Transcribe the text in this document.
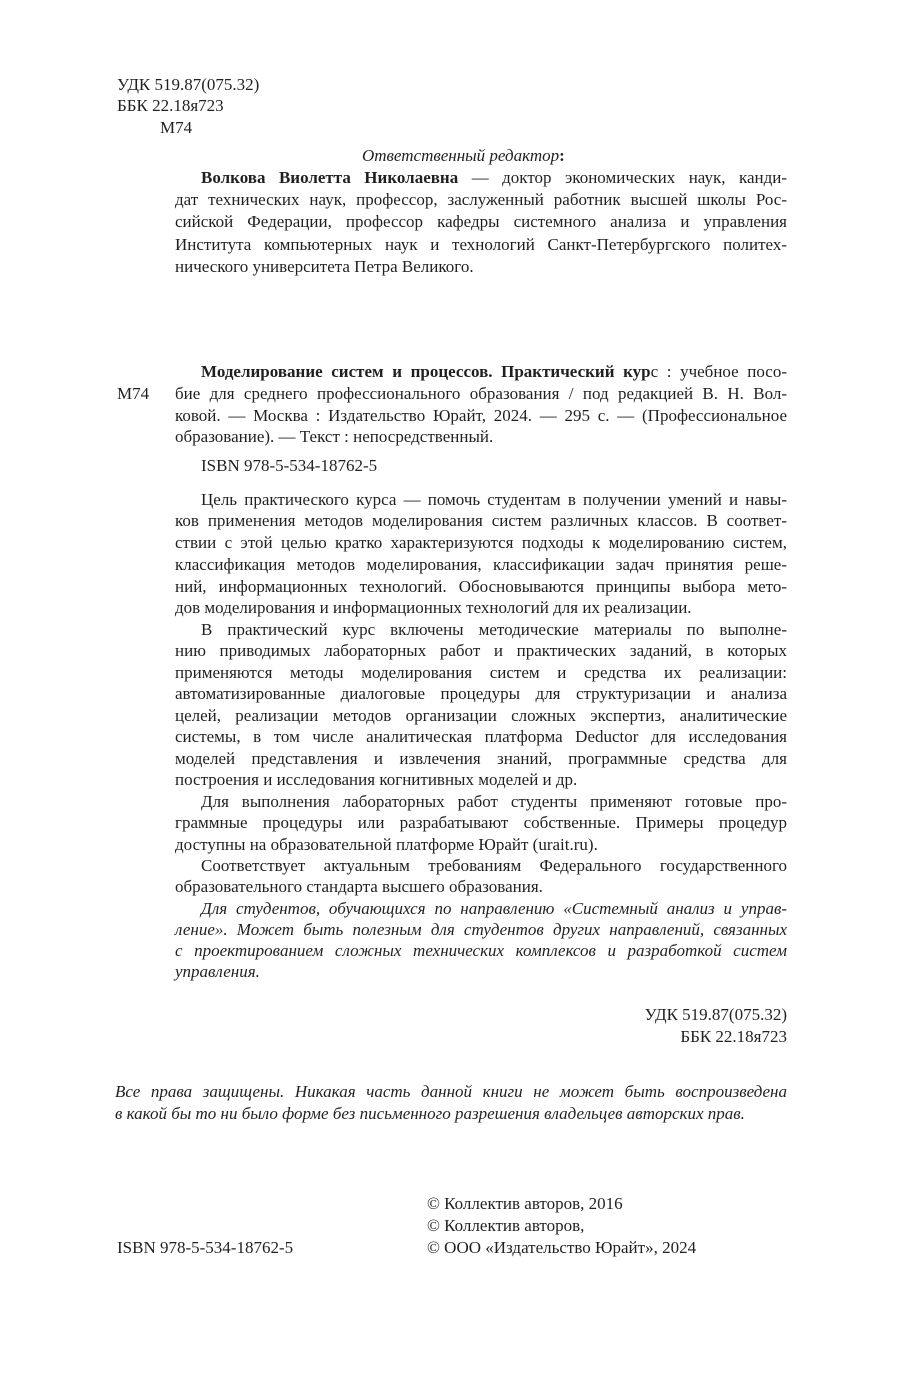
УДК 519.87(075.32)
ББК 22.18я723
М74
Ответственный редактор:
Волкова Виолетта Николаевна — доктор экономических наук, канди-
дат технических наук, профессор, заслуженный работник высшей школы Рос-
сийской Федерации, профессор кафедры системного анализа и управления
Института компьютерных наук и технологий Санкт-Петербургского политех-
нического университета Петра Великого.
Моделирование систем и процессов. Практический курс : учебное посо-
М74 бие для среднего профессионального образования / под редакцией В. Н. Вол-
ковой. — Москва : Издательство Юрайт, 2024. — 295 с. — (Профессиональное
образование). — Текст : непосредственный.
ISBN 978-5-534-18762-5
Цель практического курса — помочь студентам в получении умений и навы-
ков применения методов моделирования систем различных классов. В соответ-
ствии с этой целью кратко характеризуются подходы к моделированию систем,
классификация методов моделирования, классификации задач принятия реше-
ний, информационных технологий. Обосновываются принципы выбора мето-
дов моделирования и информационных технологий для их реализации.
В практический курс включены методические материалы по выполне-
нию приводимых лабораторных работ и практических заданий, в которых
применяются методы моделирования систем и средства их реализации:
автоматизированные диалоговые процедуры для структуризации и анализа
целей, реализации методов организации сложных экспертиз, аналитические
системы, в том числе аналитическая платформа Deductor для исследования
моделей представления и извлечения знаний, программные средства для
построения и исследования когнитивных моделей и др.
Для выполнения лабораторных работ студенты применяют готовые про-
граммные процедуры или разрабатывают собственные. Примеры процедур
доступны на образовательной платформе Юрайт (urait.ru).
Соответствует актуальным требованиям Федерального государственного
образовательного стандарта высшего образования.
Для студентов, обучающихся по направлению «Системный анализ и управ-
ление». Может быть полезным для студентов других направлений, связанных
с проектированием сложных технических комплексов и разработкой систем
управления.
УДК 519.87(075.32)
ББК 22.18я723
Все права защищены. Никакая часть данной книги не может быть воспроизведена
в какой бы то ни было форме без письменного разрешения владельцев авторских прав.
ISBN 978-5-534-18762-5
© Коллектив авторов, 2016
© Коллектив авторов,
© ООО «Издательство Юрайт», 2024
